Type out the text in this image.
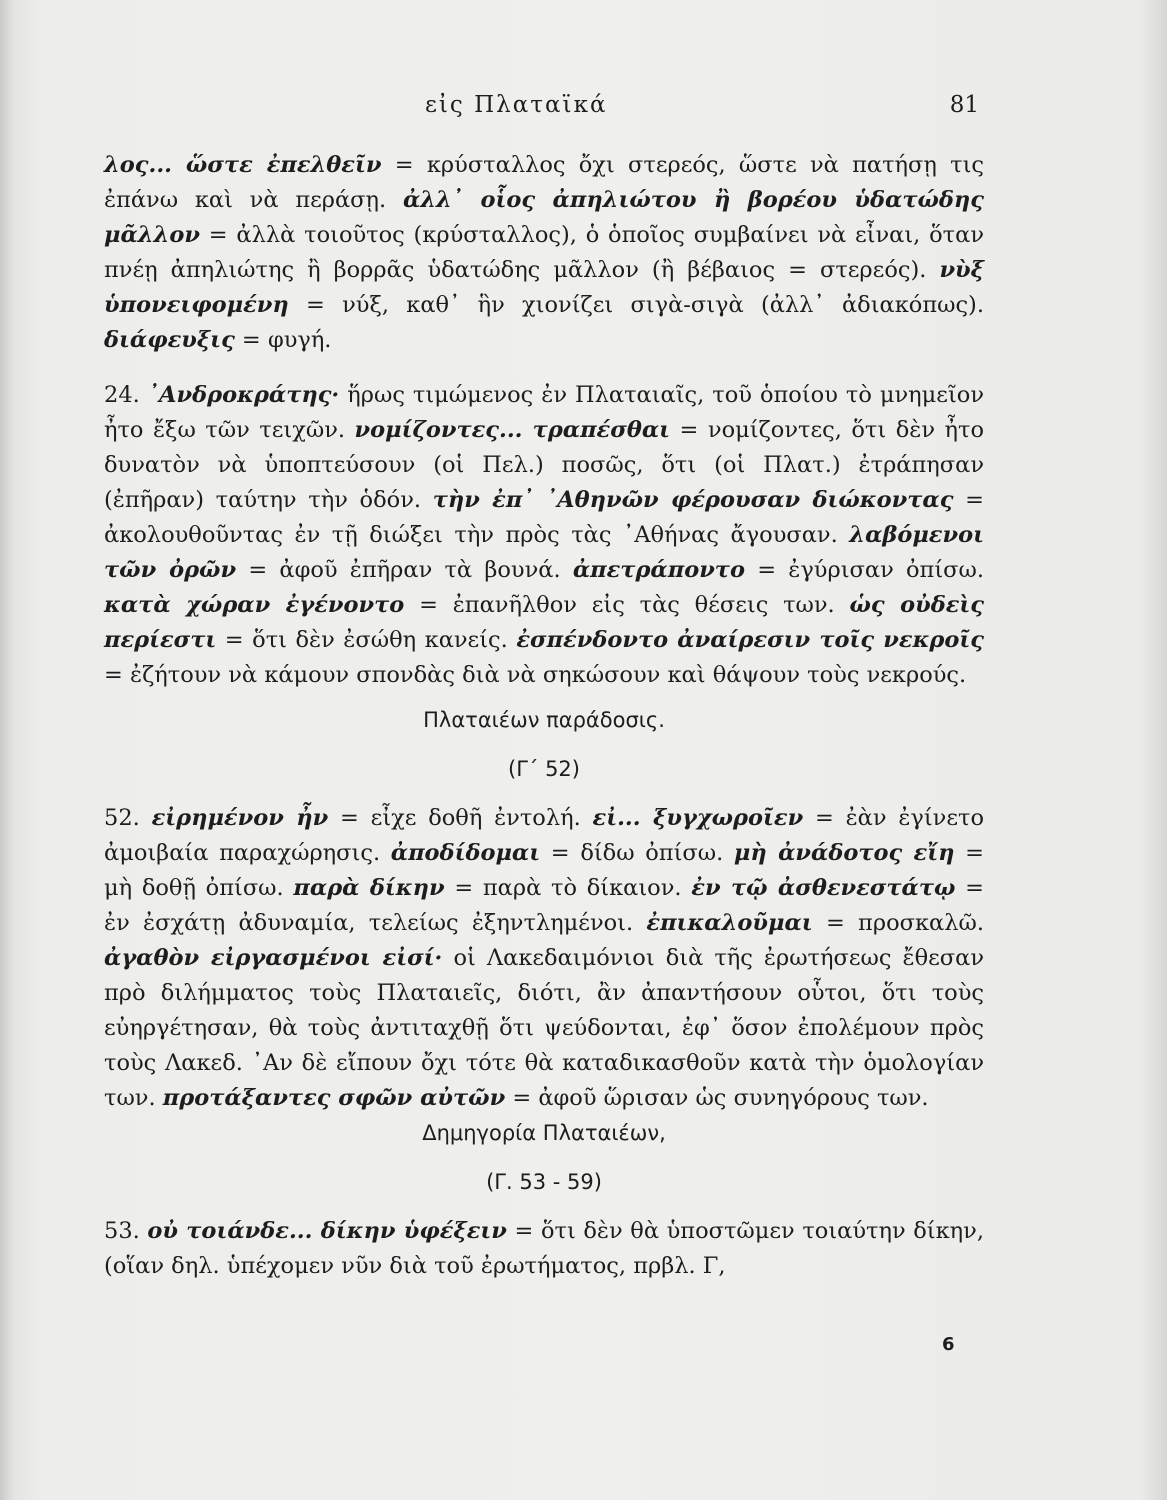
εἰς Πλαταϊκά	81

λος... ὥστε ἐπελθεῖν = κρύσταλλος ὄχι στερεός, ὥστε νὰ πατήσῃ τις ἐπάνω καὶ νὰ περάσῃ. ἀλλ᾽ οἷος ἀπηλιώτου ἢ βορέου ὑδατώδης μᾶλλον = ἀλλὰ τοιοῦτος (κρύσταλλος), ὁ ὁποῖος συμβαίνει νὰ εἶναι, ὅταν πνέῃ ἀπηλιώτης ἢ βορρᾶς ὑδατώδης μᾶλλον (ἢ βέβαιος = στερεός). νὺξ ὑπονειφομένη = νύξ, καθ᾽ ἣν χιονίζει σιγὰ-σιγὰ (ἀλλ᾽ ἀδιακόπως). διάφευξις = φυγή.

24. ᾽Ανδροκράτης· ἥρως τιμώμενος ἐν Πλαταιαῖς, τοῦ ὁποίου τὸ μνημεῖον ἦτο ἔξω τῶν τειχῶν. νομίζοντες... τραπέσθαι = νομίζοντες, ὅτι δὲν ἦτο δυνατὸν νὰ ὑποπτεύσουν (οἱ Πελ.) ποσῶς, ὅτι (οἱ Πλατ.) ἐτράπησαν (ἐπῆραν) ταύτην τὴν ὁδόν. τὴν ἐπ᾽ ᾽Αθηνῶν φέρουσαν διώκοντας = ἀκολουθοῦντας ἐν τῇ διώξει τὴν πρὸς τὰς ᾽Αθήνας ἄγουσαν. λαβόμενοι τῶν ὀρῶν = ἀφοῦ ἐπῆραν τὰ βουνά. ἀπετράποντο = ἐγύρισαν ὀπίσω. κατὰ χώραν ἐγένοντο = ἐπανῆλθον εἰς τὰς θέσεις των. ὡς οὐδεὶς περίεστι = ὅτι δὲν ἐσώθη κανείς. ἐσπένδοντο ἀναίρεσιν τοῖς νεκροῖς = ἐζήτουν νὰ κάμουν σπονδὰς διὰ νὰ σηκώσουν καὶ θάψουν τοὺς νεκρούς.

Πλαταιέων παράδοσις.

(Γ΄ 52)

52. εἰρημένον ἦν = εἶχε δοθῆ ἐντολή. εἰ... ξυγχωροῖεν = ἐὰν ἐγίνετο ἀμοιβαία παραχώρησις. ἀποδίδομαι = δίδω ὀπίσω. μὴ ἀνάδοτος εἴη = μὴ δοθῇ ὀπίσω. παρὰ δίκην = παρὰ τὸ δίκαιον. ἐν τῷ ἀσθενεστάτῳ = ἐν ἐσχάτῃ ἀδυναμία, τελείως ἐξηντλημένοι. ἐπικαλοῦμαι = προσκαλῶ. ἀγαθὸν εἰργασμένοι εἰσί· οἱ Λακεδαιμόνιοι διὰ τῆς ἐρωτήσεως ἔθεσαν πρὸ διλήμματος τοὺς Πλαταιεῖς, διότι, ἂν ἀπαντήσουν οὗτοι, ὅτι τοὺς εὐηργέτησαν, θὰ τοὺς ἀντιταχθῇ ὅτι ψεύδονται, ἐφ᾽ ὅσον ἐπολέμουν πρὸς τοὺς Λακεδ. ᾽Αν δὲ εἴπουν ὄχι τότε θὰ καταδικασθοῦν κατὰ τὴν ὁμολογίαν των. προτάξαντες σφῶν αὐτῶν = ἀφοῦ ὥρισαν ὡς συνηγόρους των.

Δημηγορία Πλαταιέων,

(Γ. 53 - 59)

53. οὐ τοιάνδε... δίκην ὑφέξειν = ὅτι δὲν θὰ ὑποστῶμεν τοιαύτην δίκην, (οἵαν δηλ. ὑπέχομεν νῦν διὰ τοῦ ἐρωτήματος, πρβλ. Γ,

6
